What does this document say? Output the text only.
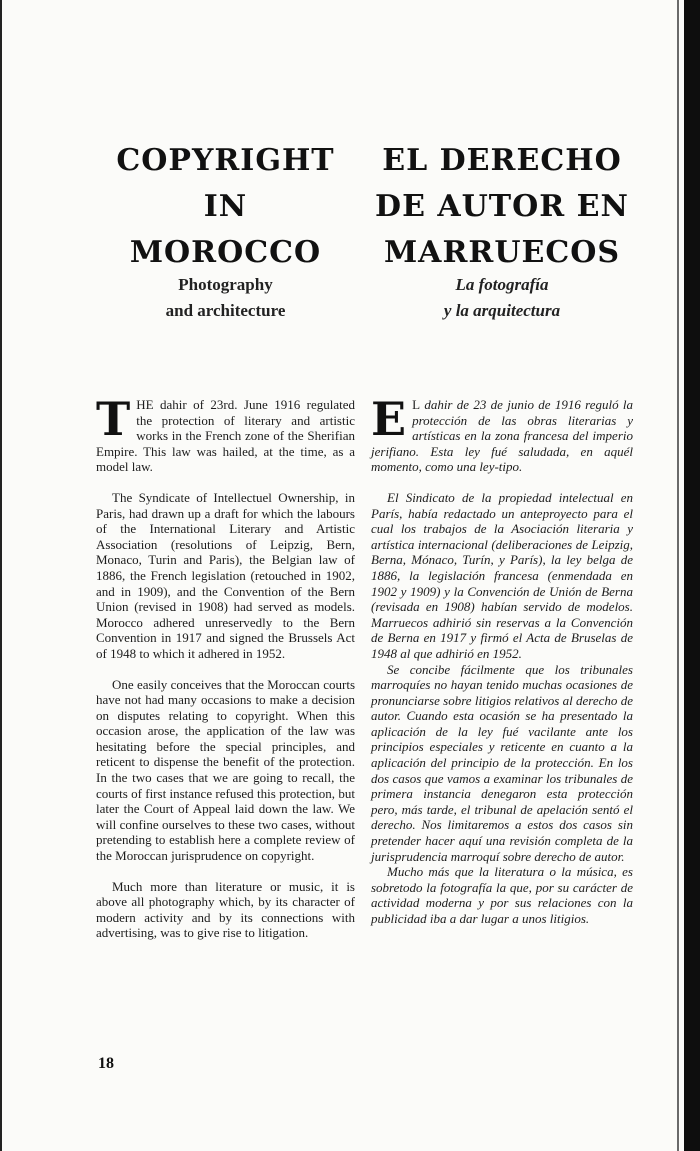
COPYRIGHT
IN
MOROCCO
Photography
and architecture

THE dahir of 23rd. June 1916 regulated the protection of literary and artistic works in the French zone of the Sherifian Empire. This law was hailed, at the time, as a model law.

The Syndicate of Intellectuel Ownership, in Paris, had drawn up a draft for which the labours of the International Literary and Artistic Association (resolutions of Leipzig, Bern, Monaco, Turin and Paris), the Belgian law of 1886, the French legislation (retouched in 1902, and in 1909), and the Convention of the Bern Union (revised in 1908) had served as models. Morocco adhered unreservedly to the Bern Convention in 1917 and signed the Brussels Act of 1948 to which it adhered in 1952.

One easily conceives that the Moroccan courts have not had many occasions to make a decision on disputes relating to copyright. When this occasion arose, the application of the law was hesitating before the special principles, and reticent to dispense the benefit of the protection. In the two cases that we are going to recall, the courts of first instance refused this protection, but later the Court of Appeal laid down the law. We will confine ourselves to these two cases, without pretending to establish here a complete review of the Moroccan jurisprudence on copyright.

Much more than literature or music, it is above all photography which, by its character of modern activity and by its connections with advertising, was to give rise to litigation.

EL DERECHO
DE AUTOR EN
MARRUECOS
La fotografía
y la arquitectura

E L dahir de 23 de junio de 1916 reguló la protección de las obras literarias y artísticas en la zona francesa del imperio jerifiano. Esta ley fué saludada, en aquél momento, como una ley-tipo.

El Sindicato de la propiedad intelectual en París, había redactado un anteproyecto para el cual los trabajos de la Asociación literaria y artística internacional (deliberaciones de Leipzig, Berna, Mónaco, Turín, y París), la ley belga de 1886, la legislación francesa (enmendada en 1902 y 1909) y la Convención de Unión de Berna (revisada en 1908) habían servido de modelos. Marruecos adhirió sin reservas a la Convención de Berna en 1917 y firmó el Acta de Bruselas de 1948 al que adhirió en 1952.

Se concibe fácilmente que los tribunales marroquíes no hayan tenido muchas ocasiones de pronunciarse sobre litigios relativos al derecho de autor. Cuando esta ocasión se ha presentado la aplicación de la ley fué vacilante ante los principios especiales y reticente en cuanto a la aplicación del principio de la protección. En los dos casos que vamos a examinar los tribunales de primera instancia denegaron esta protección pero, más tarde, el tribunal de apelación sentó el derecho. Nos limitaremos a estos dos casos sin pretender hacer aquí una revisión completa de la jurisprudencia marroquí sobre derecho de autor.

Mucho más que la literatura o la música, es sobretodo la fotografía la que, por su carácter de actividad moderna y por sus relaciones con la publicidad iba a dar lugar a unos litigios.

18
